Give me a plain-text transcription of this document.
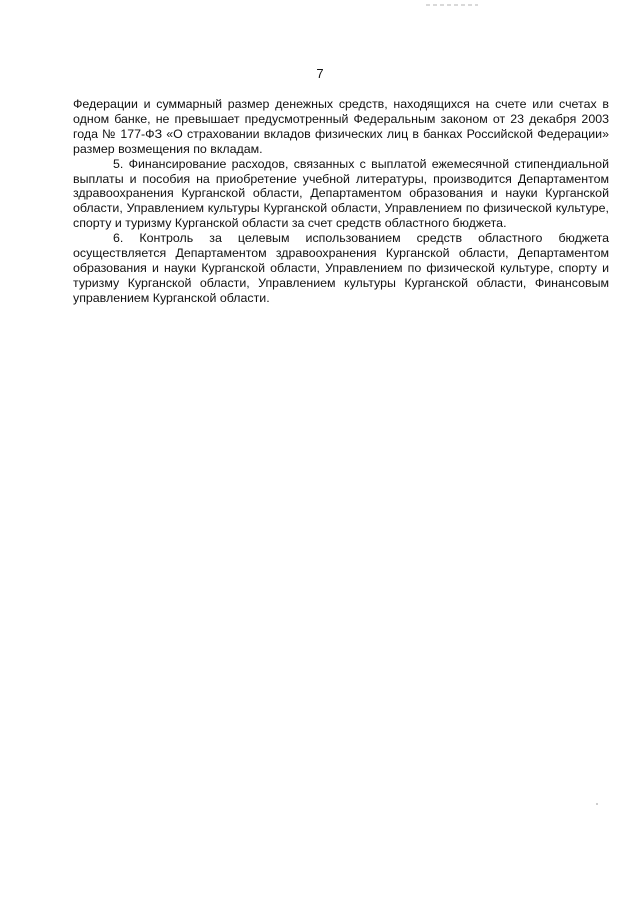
7

Федерации и суммарный размер денежных средств, находящихся на счете или счетах в одном банке, не превышает предусмотренный Федеральным законом от 23 декабря 2003 года № 177-ФЗ «О страховании вкладов физических лиц в банках Российской Федерации» размер возмещения по вкладам.

5. Финансирование расходов, связанных с выплатой ежемесячной стипендиальной выплаты и пособия на приобретение учебной литературы, производится Департаментом здравоохранения Курганской области, Департаментом образования и науки Курганской области, Управлением культуры Курганской области, Управлением по физической культуре, спорту и туризму Курганской области за счет средств областного бюджета.

6. Контроль за целевым использованием средств областного бюджета осуществляется Департаментом здравоохранения Курганской области, Департаментом образования и науки Курганской области, Управлением по физической культуре, спорту и туризму Курганской области, Управлением культуры Курганской области, Финансовым управлением Курганской области.
